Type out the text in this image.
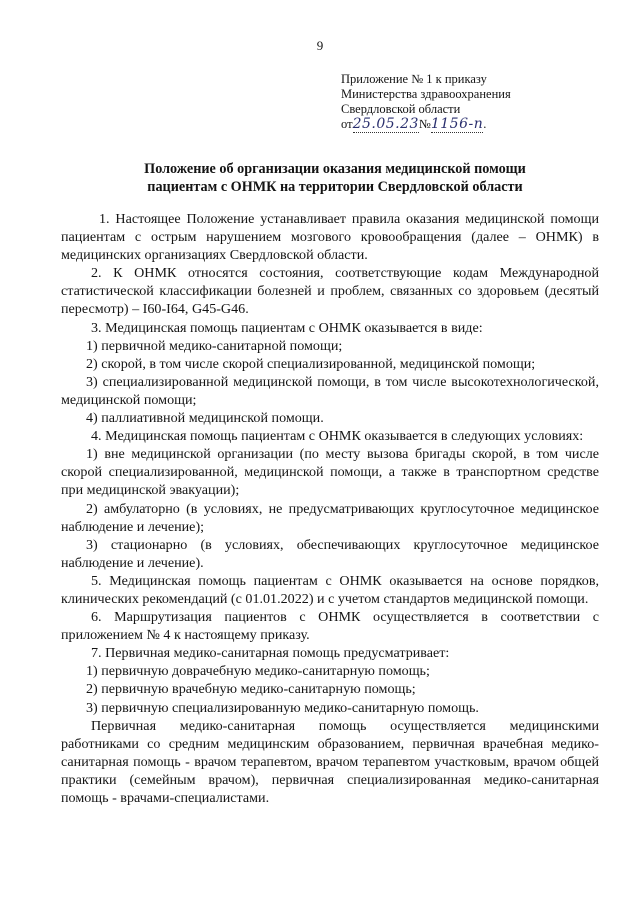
9
Приложение № 1 к приказу
Министерства здравоохранения
Свердловской области
от25.05.23№1156-п.
Положение об организации оказания медицинской помощи
пациентам с ОНМК на территории Свердловской области

1. Настоящее Положение устанавливает правила оказания медицинской помощи пациентам с острым нарушением мозгового кровообращения (далее – ОНМК) в медицинских организациях Свердловской области.

2. К ОНМК относятся состояния, соответствующие кодам Международной статистической классификации болезней и проблем, связанных со здоровьем (десятый пересмотр) – I60-I64, G45-G46.

3. Медицинская помощь пациентам с ОНМК оказывается в виде:

1) первичной медико-санитарной помощи;

2) скорой, в том числе скорой специализированной, медицинской помощи;

3) специализированной медицинской помощи, в том числе высокотехнологической, медицинской помощи;

4) паллиативной медицинской помощи.

4. Медицинская помощь пациентам с ОНМК оказывается в следующих условиях:

1) вне медицинской организации (по месту вызова бригады скорой, в том числе скорой специализированной, медицинской помощи, а также в транспортном средстве при медицинской эвакуации);

2) амбулаторно (в условиях, не предусматривающих круглосуточное медицинское наблюдение и лечение);

3) стационарно (в условиях, обеспечивающих круглосуточное медицинское наблюдение и лечение).

5. Медицинская помощь пациентам с ОНМК оказывается на основе порядков, клинических рекомендаций (с 01.01.2022) и с учетом стандартов медицинской помощи.

6. Маршрутизация пациентов с ОНМК осуществляется в соответствии с приложением № 4 к настоящему приказу.

7. Первичная медико-санитарная помощь предусматривает:

1) первичную доврачебную медико-санитарную помощь;

2) первичную врачебную медико-санитарную помощь;

3) первичную специализированную медико-санитарную помощь.

Первичная медико-санитарная помощь осуществляется медицинскими работниками со средним медицинским образованием, первичная врачебная медико-санитарная помощь - врачом терапевтом, врачом терапевтом участковым, врачом общей практики (семейным врачом), первичная специализированная медико-санитарная помощь - врачами-специалистами.
